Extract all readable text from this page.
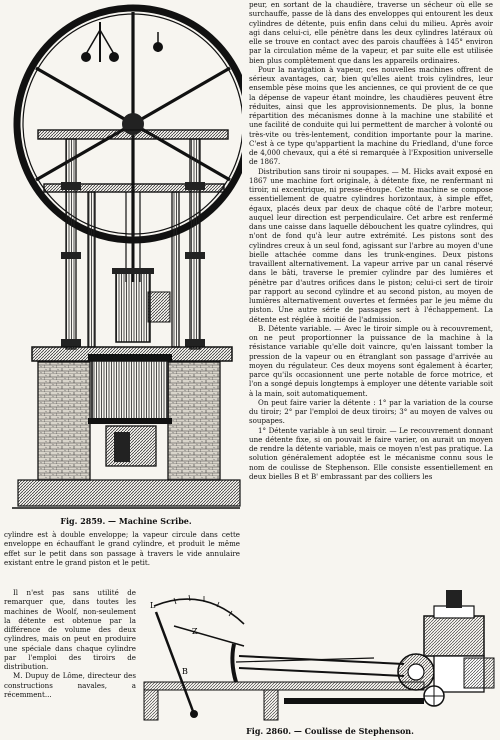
Fig. 2859. — Machine Scribe.

peur, en sortant de la chaudière, traverse un sécheur où elle se surchauffe, passe de là dans des enveloppes qui entourent les deux cylindres de détente, puis enfin dans celui du milieu. Après avoir agi dans celui-ci, elle pénètre dans les deux cylindres latéraux où elle se trouve en contact avec des parois chauffées à 145° environ par la circulation même de la vapeur, et par suite elle est utilisée bien plus complètement que dans les appareils ordinaires.

Pour la navigation à vapeur, ces nouvelles machines offrent de sérieux avantages, car, bien qu'elles aient trois cylindres, leur ensemble pèse moins que les anciennes, ce qui provient de ce que la dépense de vapeur étant moindre, les chaudières peuvent être réduites, ainsi que les approvisionnements. De plus, la bonne répartition des mécanismes donne à la machine une stabilité et une facilité de conduite qui lui permettent de marcher à volonté ou très-vite ou très-lentement, condition importante pour la marine. C'est à ce type qu'appartient la machine du Friedland, d'une force de 4,000 chevaux, qui a été si remarquée à l'Exposition universelle de 1867.

Distribution sans tiroir ni soupapes. — M. Hicks avait exposé en 1867 une machine fort originale, à détente fixe, ne renfermant ni tiroir, ni excentrique, ni presse-étoupe. Cette machine se compose essentiellement de quatre cylindres horizontaux, à simple effet, égaux, placés deux par deux de chaque côté de l'arbre moteur, auquel leur direction est perpendiculaire. Cet arbre est renfermé dans une caisse dans laquelle débouchent les quatre cylindres, qui n'ont de fond qu'à leur autre extrémité. Les pistons sont des cylindres creux à un seul fond, agissant sur l'arbre au moyen d'une bielle attachée comme dans les trunk-engines. Deux pistons travaillent alternativement. La vapeur arrive par un canal réservé dans le bâti, traverse le premier cylindre par des lumières et pénètre par d'autres orifices dans le piston; celui-ci sert de tiroir par rapport au second cylindre et au second piston, au moyen de lumières alternativement ouvertes et fermées par le jeu même du piston. Une autre série de passages sert à l'échappement. La détente est réglée à moitié de l'admission.

B. Détente variable. — Avec le tiroir simple ou à recouvrement, on ne peut proportionner la puissance de la machine à la résistance variable qu'elle doit vaincre, qu'en laissant tomber la pression de la vapeur ou en étranglant son passage d'arrivée au moyen du régulateur. Ces deux moyens sont également à écarter, parce qu'ils occasionnent une perte notable de force motrice, et l'on a songé depuis longtemps à employer une détente variable soit à la main, soit automatiquement.

On peut faire varier la détente : 1° par la variation de la course du tiroir; 2° par l'emploi de deux tiroirs; 3° au moyen de valves ou soupapes.

1° Détente variable à un seul tiroir. — Le recouvrement donnant une détente fixe, si on pouvait le faire varier, on aurait un moyen de rendre la détente variable, mais ce moyen n'est pas pratique. La solution généralement adoptée est le mécanisme connu sous le nom de coulisse de Stephenson. Elle consiste essentiellement en deux bielles B et B' embrassant par des colliers les

cylindre est à double enveloppe; la vapeur circule dans cette enveloppe en échauffant le grand cylindre, et produit le même effet sur le petit dans son passage à travers le vide annulaire existant entre le grand piston et le petit.

Il n'est pas sans utilité de remarquer que, dans toutes les machines de Woolf, non-seulement la détente est obtenue par la différence de volume des deux cylindres, mais on peut en produire une spéciale dans chaque cylindre par l'emploi des tiroirs de distribution.

M. Dupuy de Lôme, directeur des constructions navales, a récemment...

L
Z
B
Fig. 2860. — Coulisse de Stephenson.
